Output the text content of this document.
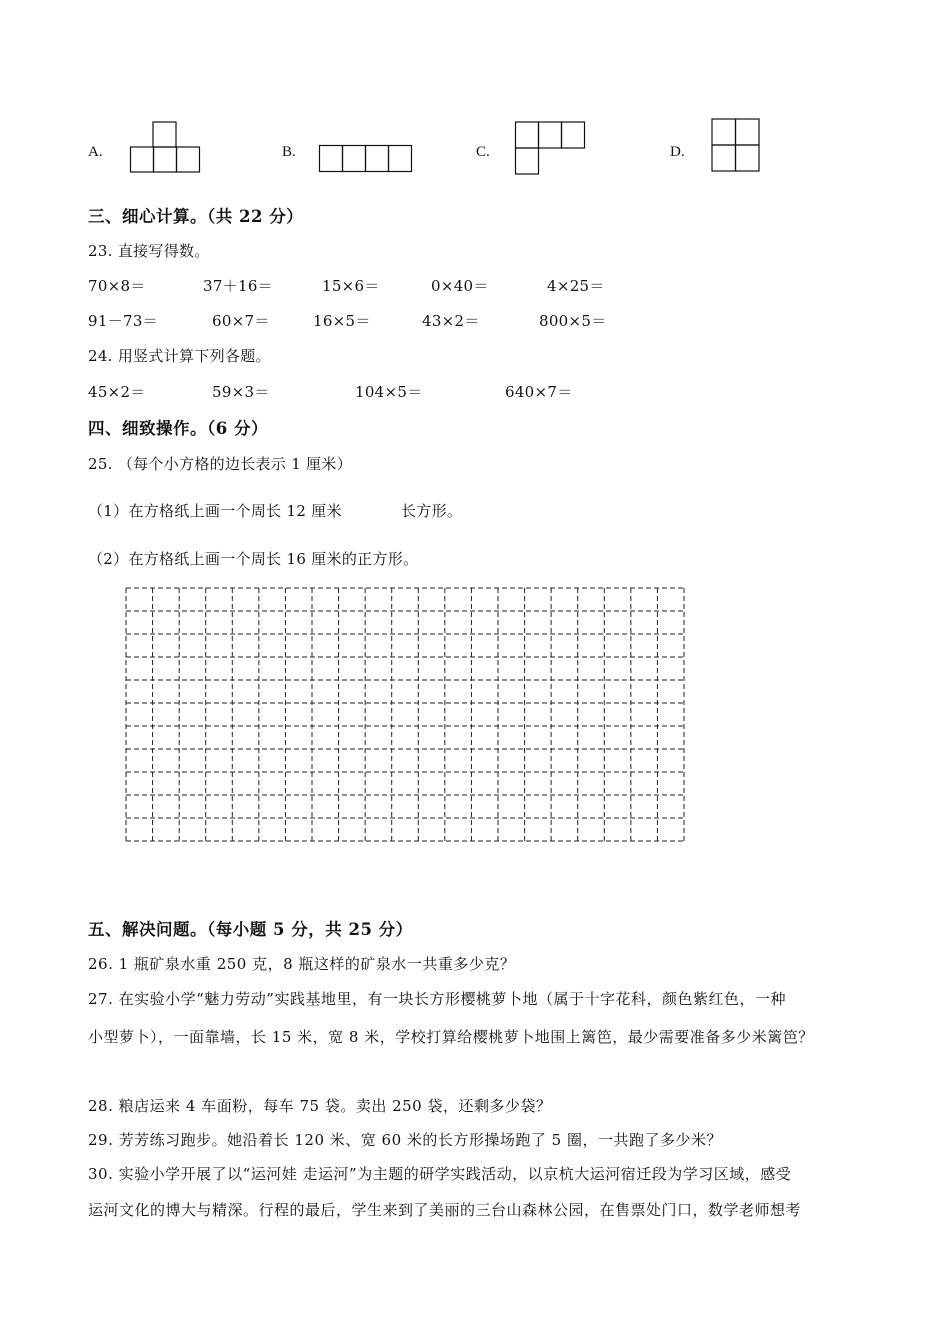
A.	B.	C.	D.
三、细心计算。（共 22 分）
23. 直接写得数。
70×8＝	37＋16＝	15×6＝	0×40＝	4×25＝
91－73＝	60×7＝	16×5＝	43×2＝	800×5＝
24. 用竖式计算下列各题。
45×2＝	59×3＝	104×5＝	640×7＝
四、细致操作。（6 分）
25. （每个小方格的边长表示 1 厘米）
（1）在方格纸上画一个周长 12 厘米	长方形。
（2）在方格纸上画一个周长 16 厘米的正方形。
五、解决问题。（每小题 5 分，共 25 分）
26. 1 瓶矿泉水重 250 克，8 瓶这样的矿泉水一共重多少克？
27. 在实验小学“魅力劳动”实践基地里，有一块长方形樱桃萝卜地（属于十字花科，颜色紫红色，一种
小型萝卜），一面靠墙，长 15 米，宽 8 米，学校打算给樱桃萝卜地围上篱笆，最少需要准备多少米篱笆？
28. 粮店运来 4 车面粉，每车 75 袋。卖出 250 袋，还剩多少袋？
29. 芳芳练习跑步。她沿着长 120 米、宽 60 米的长方形操场跑了 5 圈，一共跑了多少米？
30. 实验小学开展了以“运河娃 走运河”为主题的研学实践活动，以京杭大运河宿迁段为学习区域，感受
运河文化的博大与精深。行程的最后，学生来到了美丽的三台山森林公园，在售票处门口，数学老师想考
